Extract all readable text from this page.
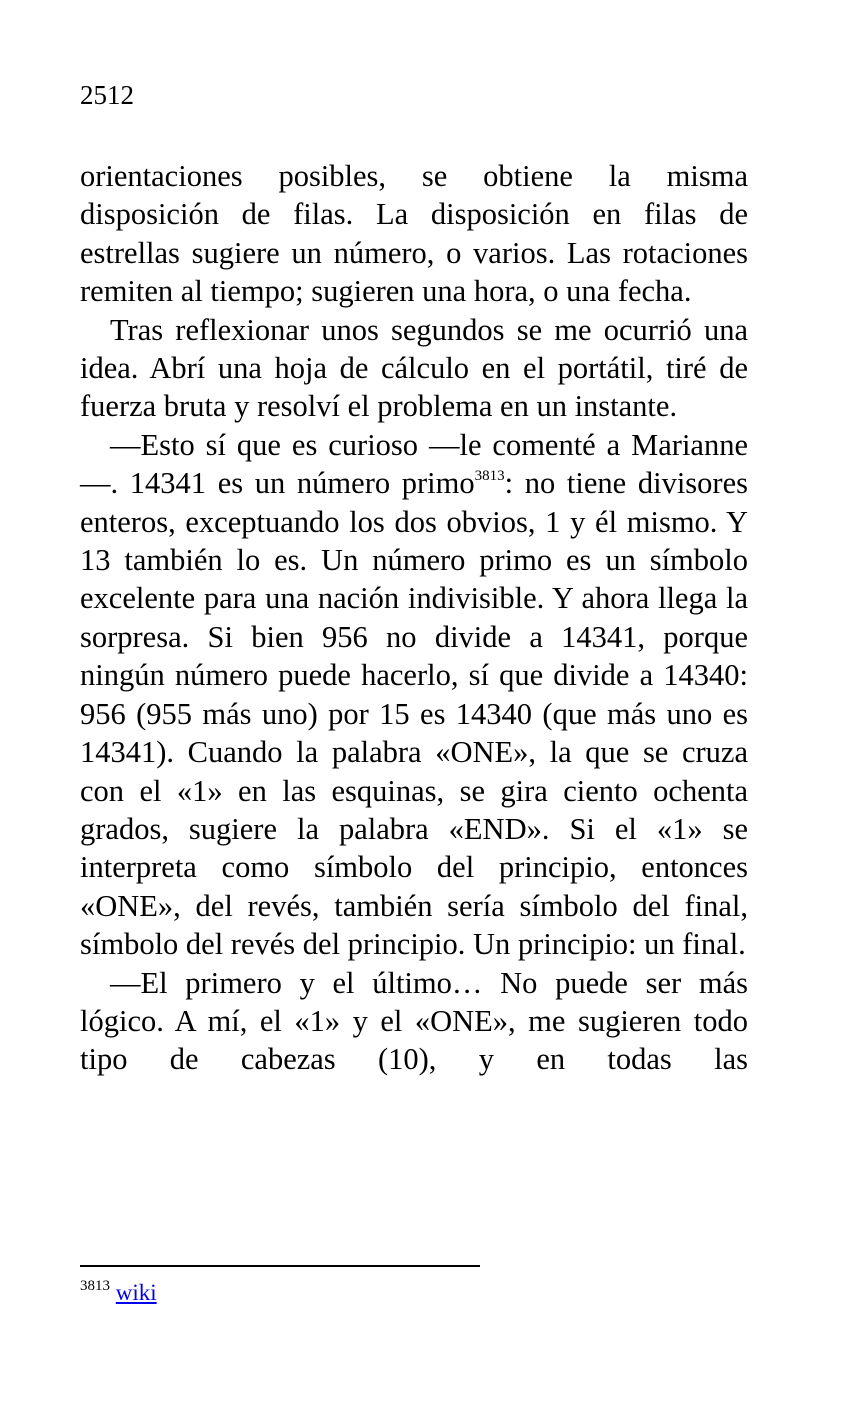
2512

orientaciones posibles, se obtiene la misma disposición de filas. La disposición en filas de estrellas sugiere un número, o varios. Las rotaciones remiten al tiempo; sugieren una hora, o una fecha.

Tras reflexionar unos segundos se me ocurrió una idea. Abrí una hoja de cálculo en el portátil, tiré de fuerza bruta y resolví el problema en un instante.

—Esto sí que es curioso —le comenté a Marianne—. 14341 es un número primo$^{3813}$: no tiene divisores enteros, exceptuando los dos obvios, 1 y él mismo. Y 13 también lo es. Un número primo es un símbolo excelente para una nación indivisible. Y ahora llega la sorpresa. Si bien 956 no divide a 14341, porque ningún número puede hacerlo, sí que divide a 14340: 956 (955 más uno) por 15 es 14340 (que más uno es 14341). Cuando la palabra «ONE», la que se cruza con el «1» en las esquinas, se gira ciento ochenta grados, sugiere la palabra «END». Si el «1» se interpreta como símbolo del principio, entonces «ONE», del revés, también sería símbolo del final, símbolo del revés del principio. Un principio: un final.

—El primero y el último… No puede ser más lógico. A mí, el «1» y el «ONE», me sugieren todo tipo de cabezas (10), y en todas las

$^{3813}$ wiki
